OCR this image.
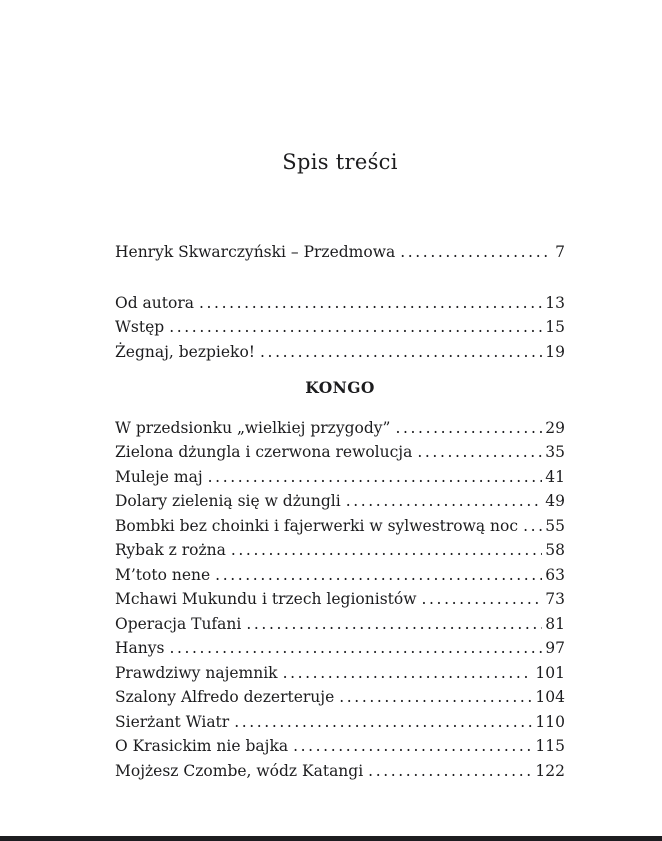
Spis treści
Henryk Skwarczyński – Przedmowa .....	7
Od autora .....	13
Wstęp .....	15
Żegnaj, bezpieko! .....	19
KONGO
W przedsionku „wielkiej przygody” .....	29
Zielona dżungla i czerwona rewolucja .....	35
Muleje maj .....	41
Dolary zielenią się w dżungli .....	49
Bombki bez choinki i fajerwerki w sylwestrową noc ..... 55
Rybak z rożna .....	58
M’toto nene .....	63
Mchawi Mukundu i trzech legionistów .....	73
Operacja Tufani .....	81
Hanys .....	97
Prawdziwy najemnik .....	101
Szalony Alfredo dezerteruje .....	104
Sierżant Wiatr .....	110
O Krasickim nie bajka .....	115
Mojżesz Czombe, wódz Katangi .....	122
